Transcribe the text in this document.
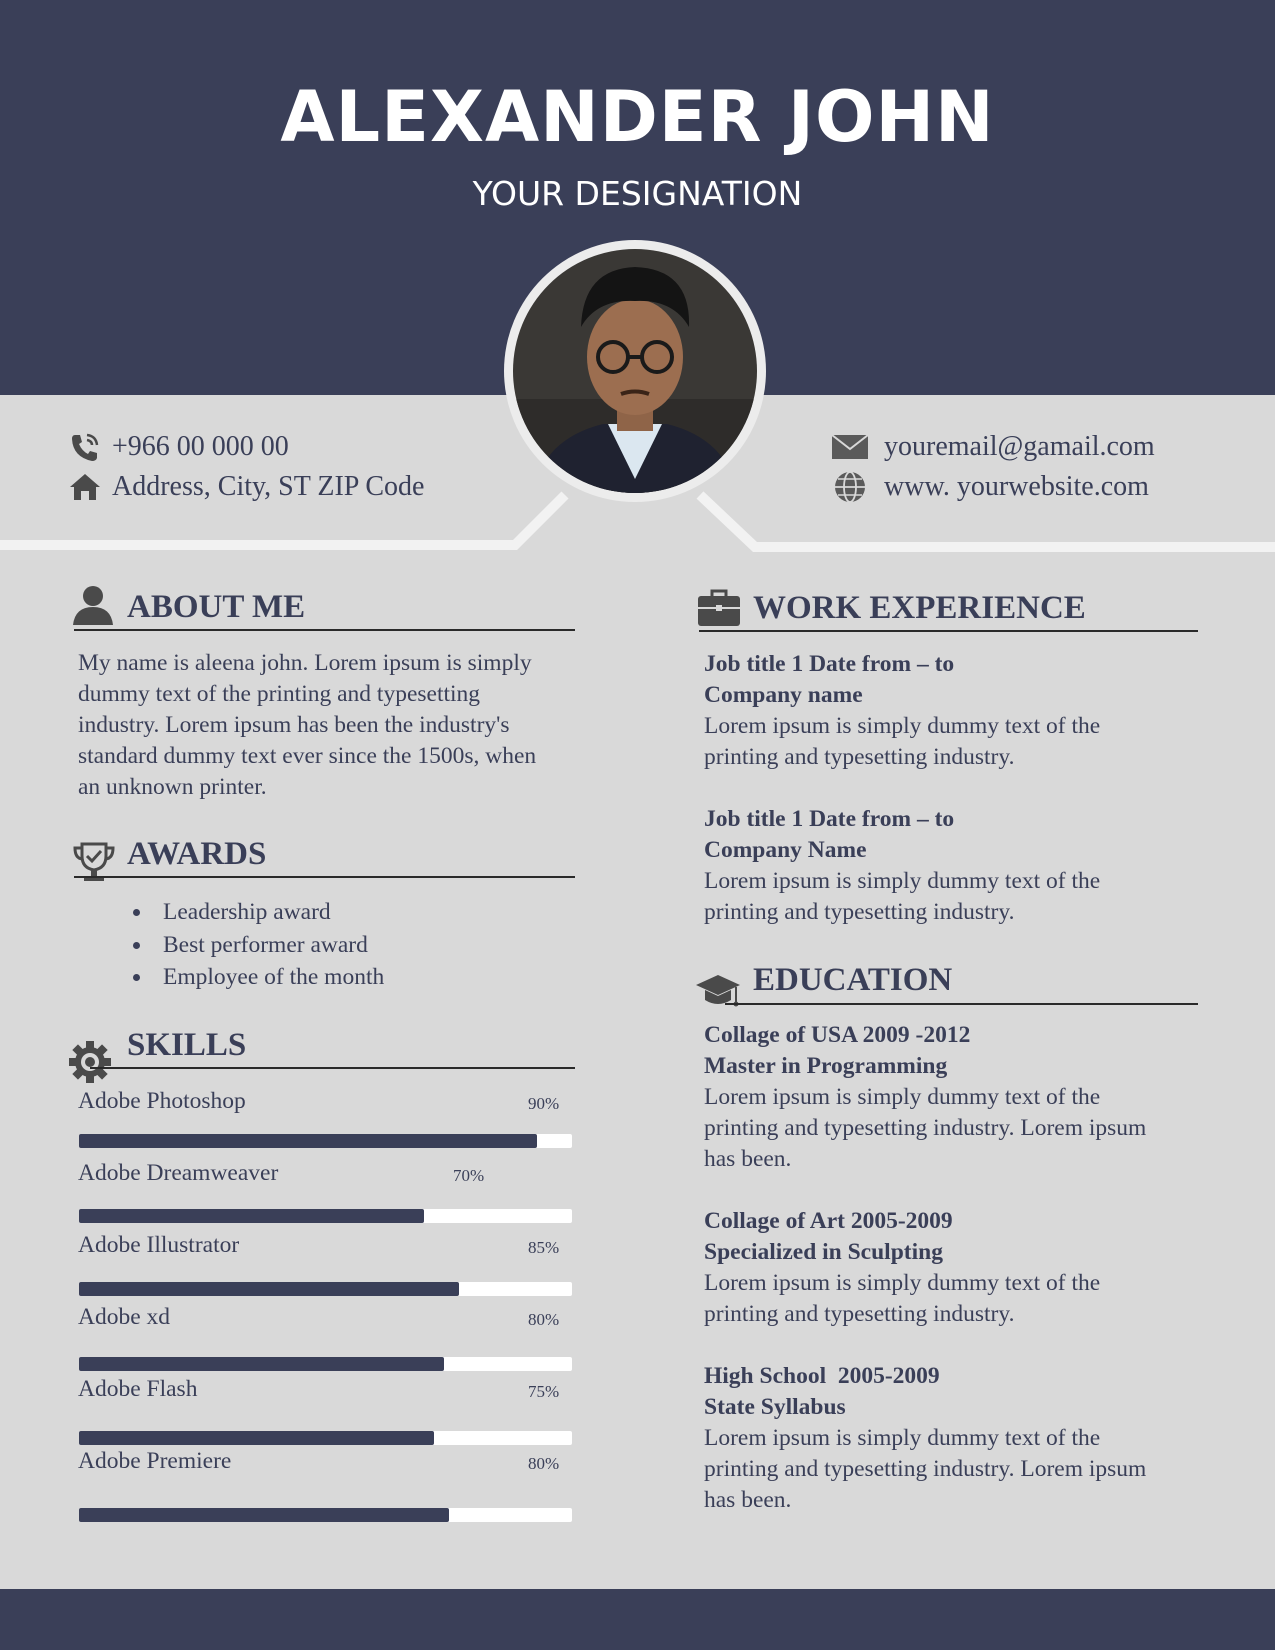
ALEXANDER JOHN
YOUR DESIGNATION
+966 00 000 00
Address, City, ST ZIP Code
youremail@gamail.com
www. yourwebsite.com
ABOUT ME
My name is aleena john. Lorem ipsum is simply
dummy text of the printing and typesetting
industry. Lorem ipsum has been the industry's
standard dummy text ever since the 1500s, when
an unknown printer.
AWARDS
• Leadership award
• Best performer award
• Employee of the month
SKILLS
Adobe Photoshop	90%
Adobe Dreamweaver	70%
Adobe Illustrator	85%
Adobe xd	80%
Adobe Flash	75%
Adobe Premiere	80%
WORK EXPERIENCE
Job title 1 Date from – to
Company name
Lorem ipsum is simply dummy text of the
printing and typesetting industry.
Job title 1 Date from – to
Company Name
Lorem ipsum is simply dummy text of the
printing and typesetting industry.
EDUCATION
Collage of USA 2009 -2012
Master in Programming
Lorem ipsum is simply dummy text of the
printing and typesetting industry. Lorem ipsum
has been.
Collage of Art 2005-2009
Specialized in Sculpting
Lorem ipsum is simply dummy text of the
printing and typesetting industry.
High School  2005-2009
State Syllabus
Lorem ipsum is simply dummy text of the
printing and typesetting industry. Lorem ipsum
has been.
